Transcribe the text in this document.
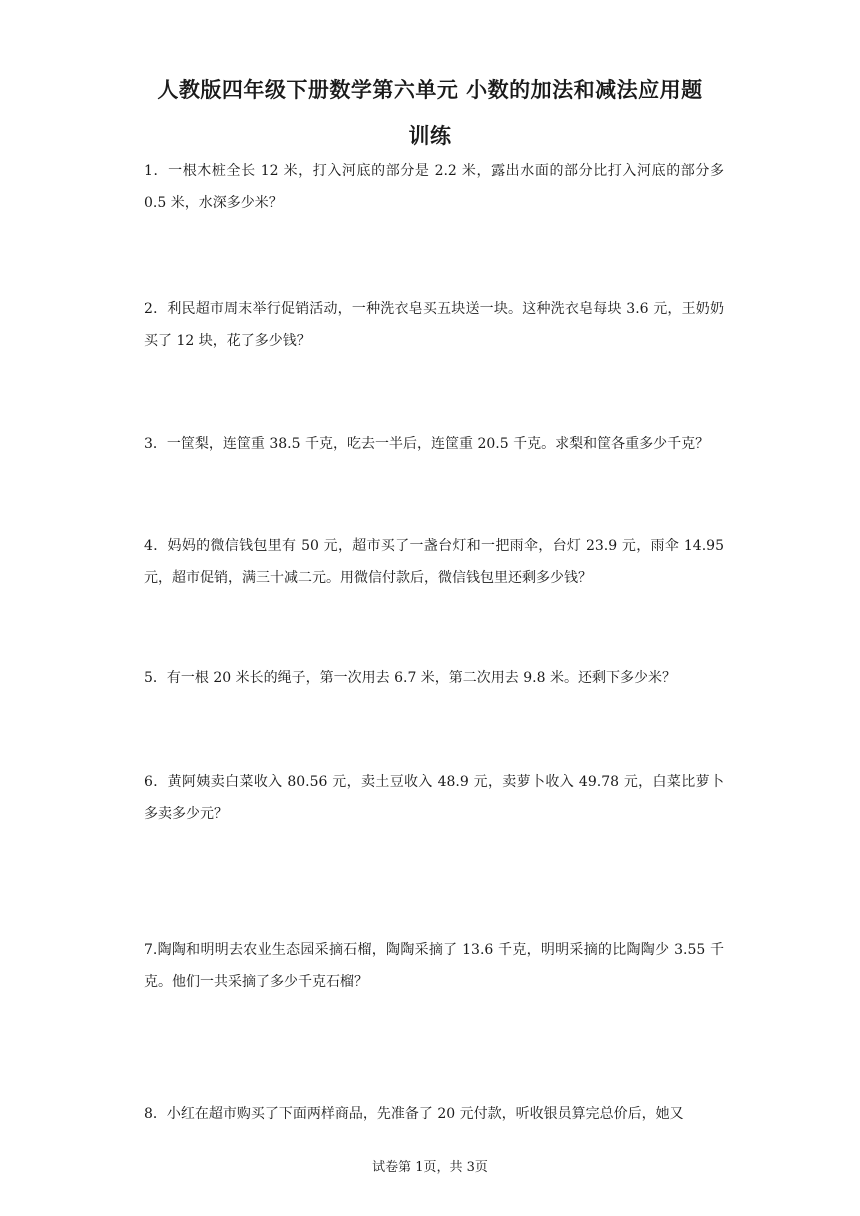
人教版四年级下册数学第六单元 小数的加法和减法应用题
训练

1．一根木桩全长 12 米，打入河底的部分是 2.2 米，露出水面的部分比打入河底的部分多 0.5 米，水深多少米？

2．利民超市周末举行促销活动，一种洗衣皂买五块送一块。这种洗衣皂每块 3.6 元，王奶奶买了 12 块，花了多少钱？

3．一筐梨，连筐重 38.5 千克，吃去一半后，连筐重 20.5 千克。求梨和筐各重多少千克？

4．妈妈的微信钱包里有 50 元，超市买了一盏台灯和一把雨伞，台灯 23.9 元，雨伞 14.95 元，超市促销，满三十减二元。用微信付款后，微信钱包里还剩多少钱？

5．有一根 20 米长的绳子，第一次用去 6.7 米，第二次用去 9.8 米。还剩下多少米？

6．黄阿姨卖白菜收入 80.56 元，卖土豆收入 48.9 元，卖萝卜收入 49.78 元，白菜比萝卜多卖多少元？

7.陶陶和明明去农业生态园采摘石榴，陶陶采摘了 13.6 千克，明明采摘的比陶陶少 3.55 千克。他们一共采摘了多少千克石榴？

8．小红在超市购买了下面两样商品，先准备了 20 元付款，听收银员算完总价后，她又

试卷第 1页，共 3页
